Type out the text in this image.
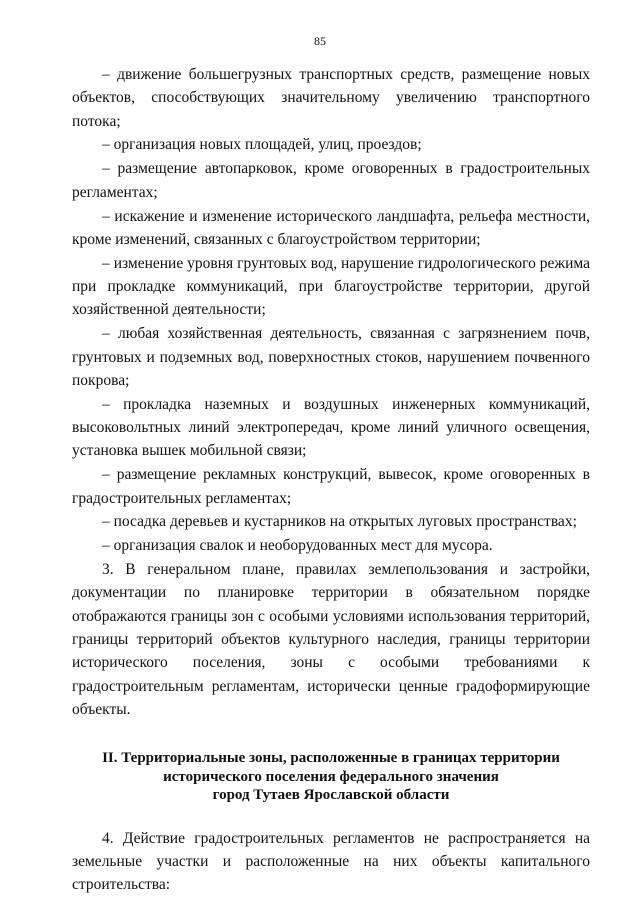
85

– движение большегрузных транспортных средств, размещение новых объектов, способствующих значительному увеличению транспортного потока;

– организация новых площадей, улиц, проездов;

– размещение автопарковок, кроме оговоренных в градостроительных регламентах;

– искажение и изменение исторического ландшафта, рельефа местности, кроме изменений, связанных с благоустройством территории;

– изменение уровня грунтовых вод, нарушение гидрологического режима при прокладке коммуникаций, при благоустройстве территории, другой хозяйственной деятельности;

– любая хозяйственная деятельность, связанная с загрязнением почв, грунтовых и подземных вод, поверхностных стоков, нарушением почвенного покрова;

– прокладка наземных и воздушных инженерных коммуникаций, высоковольтных линий электропередач, кроме линий уличного освещения, установка вышек мобильной связи;

– размещение рекламных конструкций, вывесок, кроме оговоренных в градостроительных регламентах;

– посадка деревьев и кустарников на открытых луговых пространствах;

– организация свалок и необорудованных мест для мусора.

3. В генеральном плане, правилах землепользования и застройки, документации по планировке территории в обязательном порядке отображаются границы зон с особыми условиями использования территорий, границы территорий объектов культурного наследия, границы территории исторического поселения, зоны с особыми требованиями к градостроительным регламентам, исторически ценные градоформирующие объекты.

II. Территориальные зоны, расположенные в границах территории
исторического поселения федерального значения
город Тутаев Ярославской области

4. Действие градостроительных регламентов не распространяется на земельные участки и расположенные на них объекты капитального строительства:
